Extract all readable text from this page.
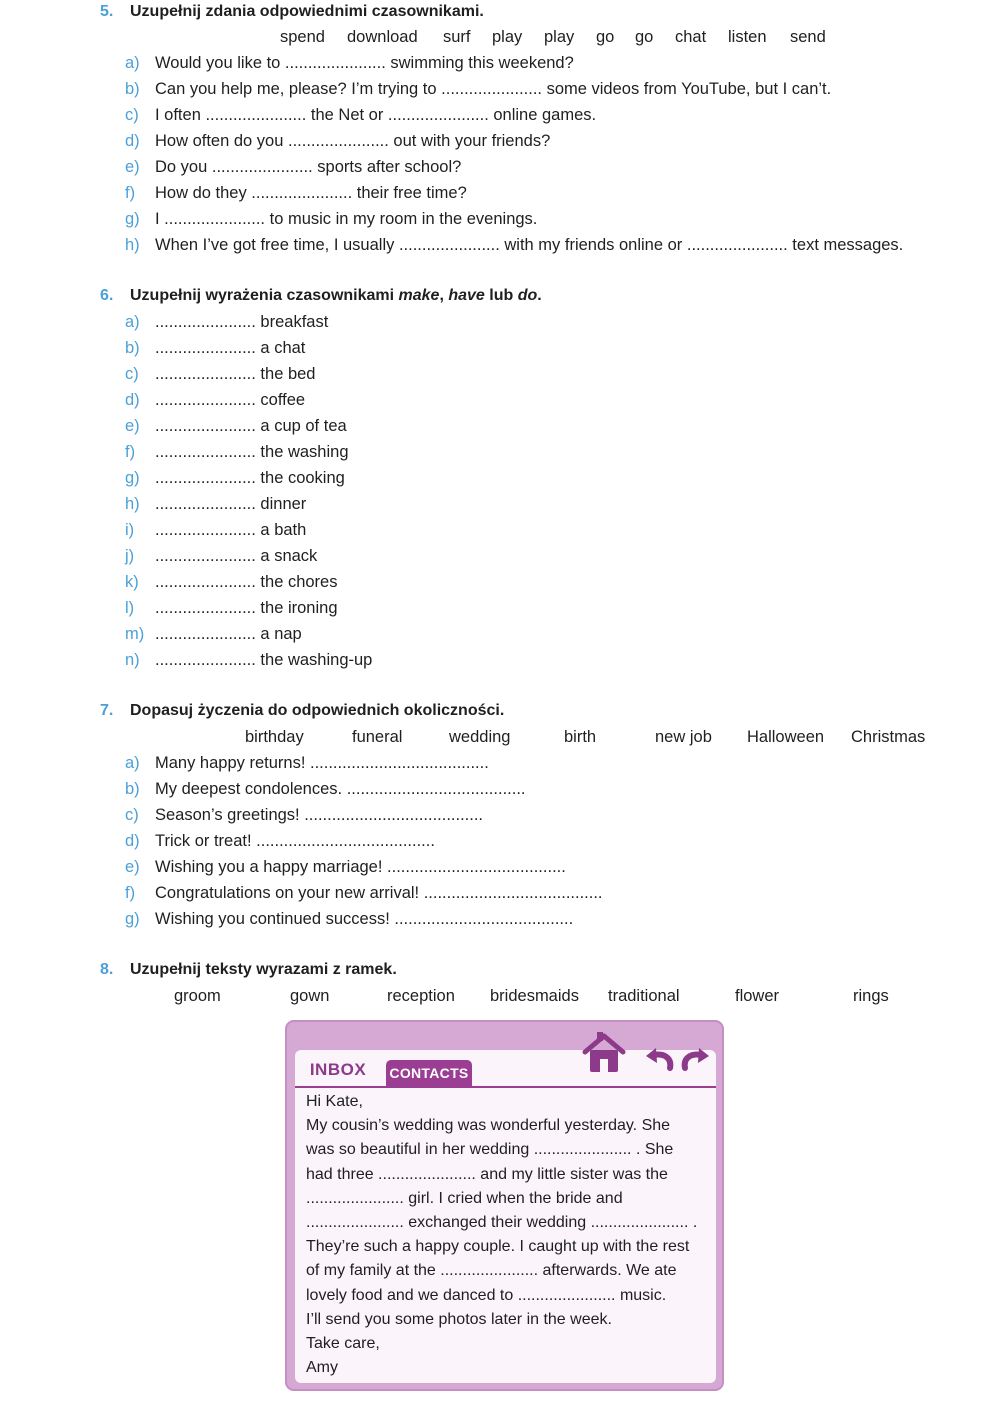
5. Uzupełnij zdania odpowiednimi czasownikami.
spend download surf play play go go chat listen send
a) Would you like to ...................... swimming this weekend?
b) Can you help me, please? I’m trying to ...................... some videos from YouTube, but I can’t.
c) I often ...................... the Net or ...................... online games.
d) How often do you ...................... out with your friends?
e) Do you ...................... sports after school?
f) How do they ...................... their free time?
g) I ...................... to music in my room in the evenings.
h) When I’ve got free time, I usually ...................... with my friends online or ...................... text messages.
6. Uzupełnij wyrażenia czasownikami make, have lub do.
a) ...................... breakfast
b) ...................... a chat
c) ...................... the bed
d) ...................... coffee
e) ...................... a cup of tea
f) ...................... the washing
g) ...................... the cooking
h) ...................... dinner
i) ...................... a bath
j) ...................... a snack
k) ...................... the chores
l) ...................... the ironing
m) ...................... a nap
n) ...................... the washing-up
7. Dopasuj życzenia do odpowiednich okoliczności.
birthday	funeral	wedding	birth	new job Halloween Christmas
a) Many happy returns! .......................................
b) My deepest condolences. .......................................
c) Season’s greetings! .......................................
d) Trick or treat! .......................................
e) Wishing you a happy marriage! .......................................
f) Congratulations on your new arrival! .......................................
g) Wishing you continued success! .......................................
8. Uzupełnij teksty wyrazami z ramek.
groom	gown	reception bridesmaids traditional	flower	rings
INBOX	CONTACTS
Hi Kate,
My cousin’s wedding was wonderful yesterday. She
was so beautiful in her wedding ...................... . She
had three ...................... and my little sister was the
...................... girl. I cried when the bride and
...................... exchanged their wedding ...................... .
They’re such a happy couple. I caught up with the rest
of my family at the ...................... afterwards. We ate
lovely food and we danced to ...................... music.
I’ll send you some photos later in the week.
Take care,
Amy
